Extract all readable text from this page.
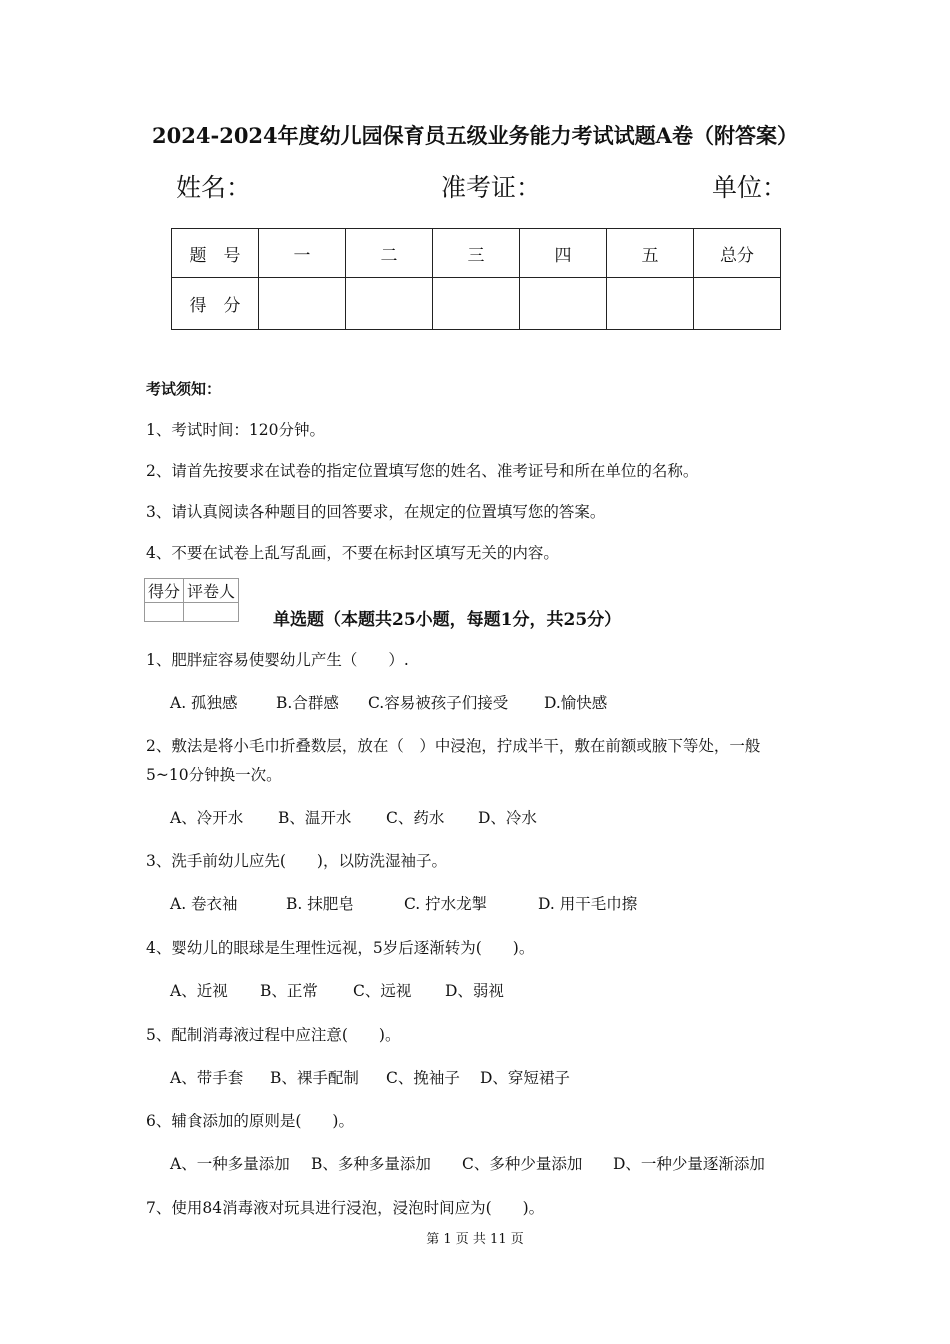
2024-2024年度幼儿园保育员五级业务能力考试试题A卷（附答案）
姓名：	准考证：	单位：
题　号	一	二	三	四	五	总分
得　分						
考试须知：
1、考试时间：120分钟。
2、请首先按要求在试卷的指定位置填写您的姓名、准考证号和所在单位的名称。
3、请认真阅读各种题目的回答要求，在规定的位置填写您的答案。
4、不要在试卷上乱写乱画，不要在标封区填写无关的内容。
得分	评卷人

单选题（本题共25小题，每题1分，共25分）
1、肥胖症容易使婴幼儿产生（　　）.
A. 孤独感 B.合群感 C.容易被孩子们接受 D.愉快感
2、敷法是将小毛巾折叠数层，放在（　）中浸泡，拧成半干，敷在前额或腋下等处，一般
5~10分钟换一次。
A、冷开水 B、温开水 C、药水 D、冷水
3、洗手前幼儿应先(　　)，以防洗湿袖子。
A. 卷衣袖	B. 抹肥皂	C. 拧水龙掣	D. 用干毛巾擦
4、婴幼儿的眼球是生理性远视，5岁后逐渐转为(　　)。
A、近视 B、正常 C、远视 D、弱视
5、配制消毒液过程中应注意(　　)。
A、带手套 B、裸手配制 C、挽袖子 D、穿短裙子
6、辅食添加的原则是(　　)。
A、一种多量添加 B、多种多量添加 C、多种少量添加 D、一种少量逐渐添加
7、使用84消毒液对玩具进行浸泡，浸泡时间应为(　　)。
第 1 页 共 11 页
